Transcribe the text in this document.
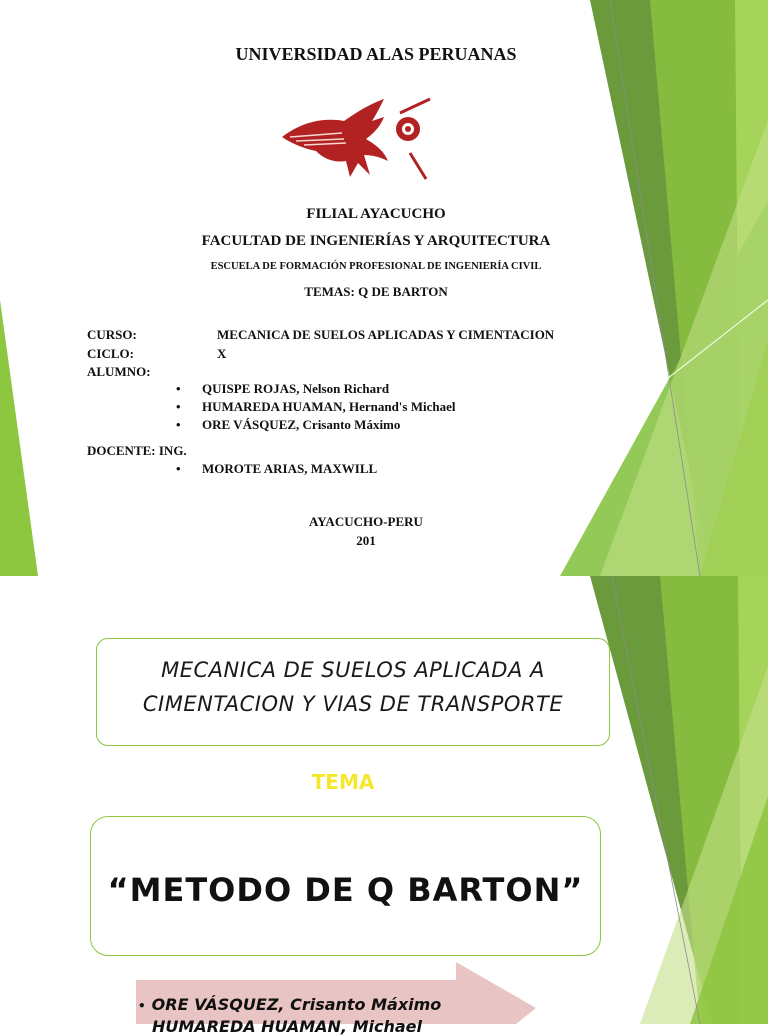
UNIVERSIDAD ALAS PERUANAS
FILIAL AYACUCHO
FACULTAD DE INGENIERÍAS Y ARQUITECTURA
ESCUELA DE FORMACIÓN PROFESIONAL DE INGENIERÍA CIVIL
TEMAS: Q DE BARTON
CURSO:	MECANICA DE SUELOS APLICADAS Y CIMENTACION
CICLO:	X
ALUMNO:
• QUISPE ROJAS, Nelson Richard
• HUMAREDA HUAMAN, Hernand's Michael
• ORE VÁSQUEZ, Crisanto Máximo
DOCENTE: ING.
• MOROTE ARIAS, MAXWILL
AYACUCHO-PERU
201
MECANICA DE SUELOS APLICADA A
CIMENTACION Y VIAS DE TRANSPORTE
TEMA
“METODO DE Q BARTON”
• ORE VÁSQUEZ, Crisanto Máximo
HUMAREDA HUAMAN, Michael
